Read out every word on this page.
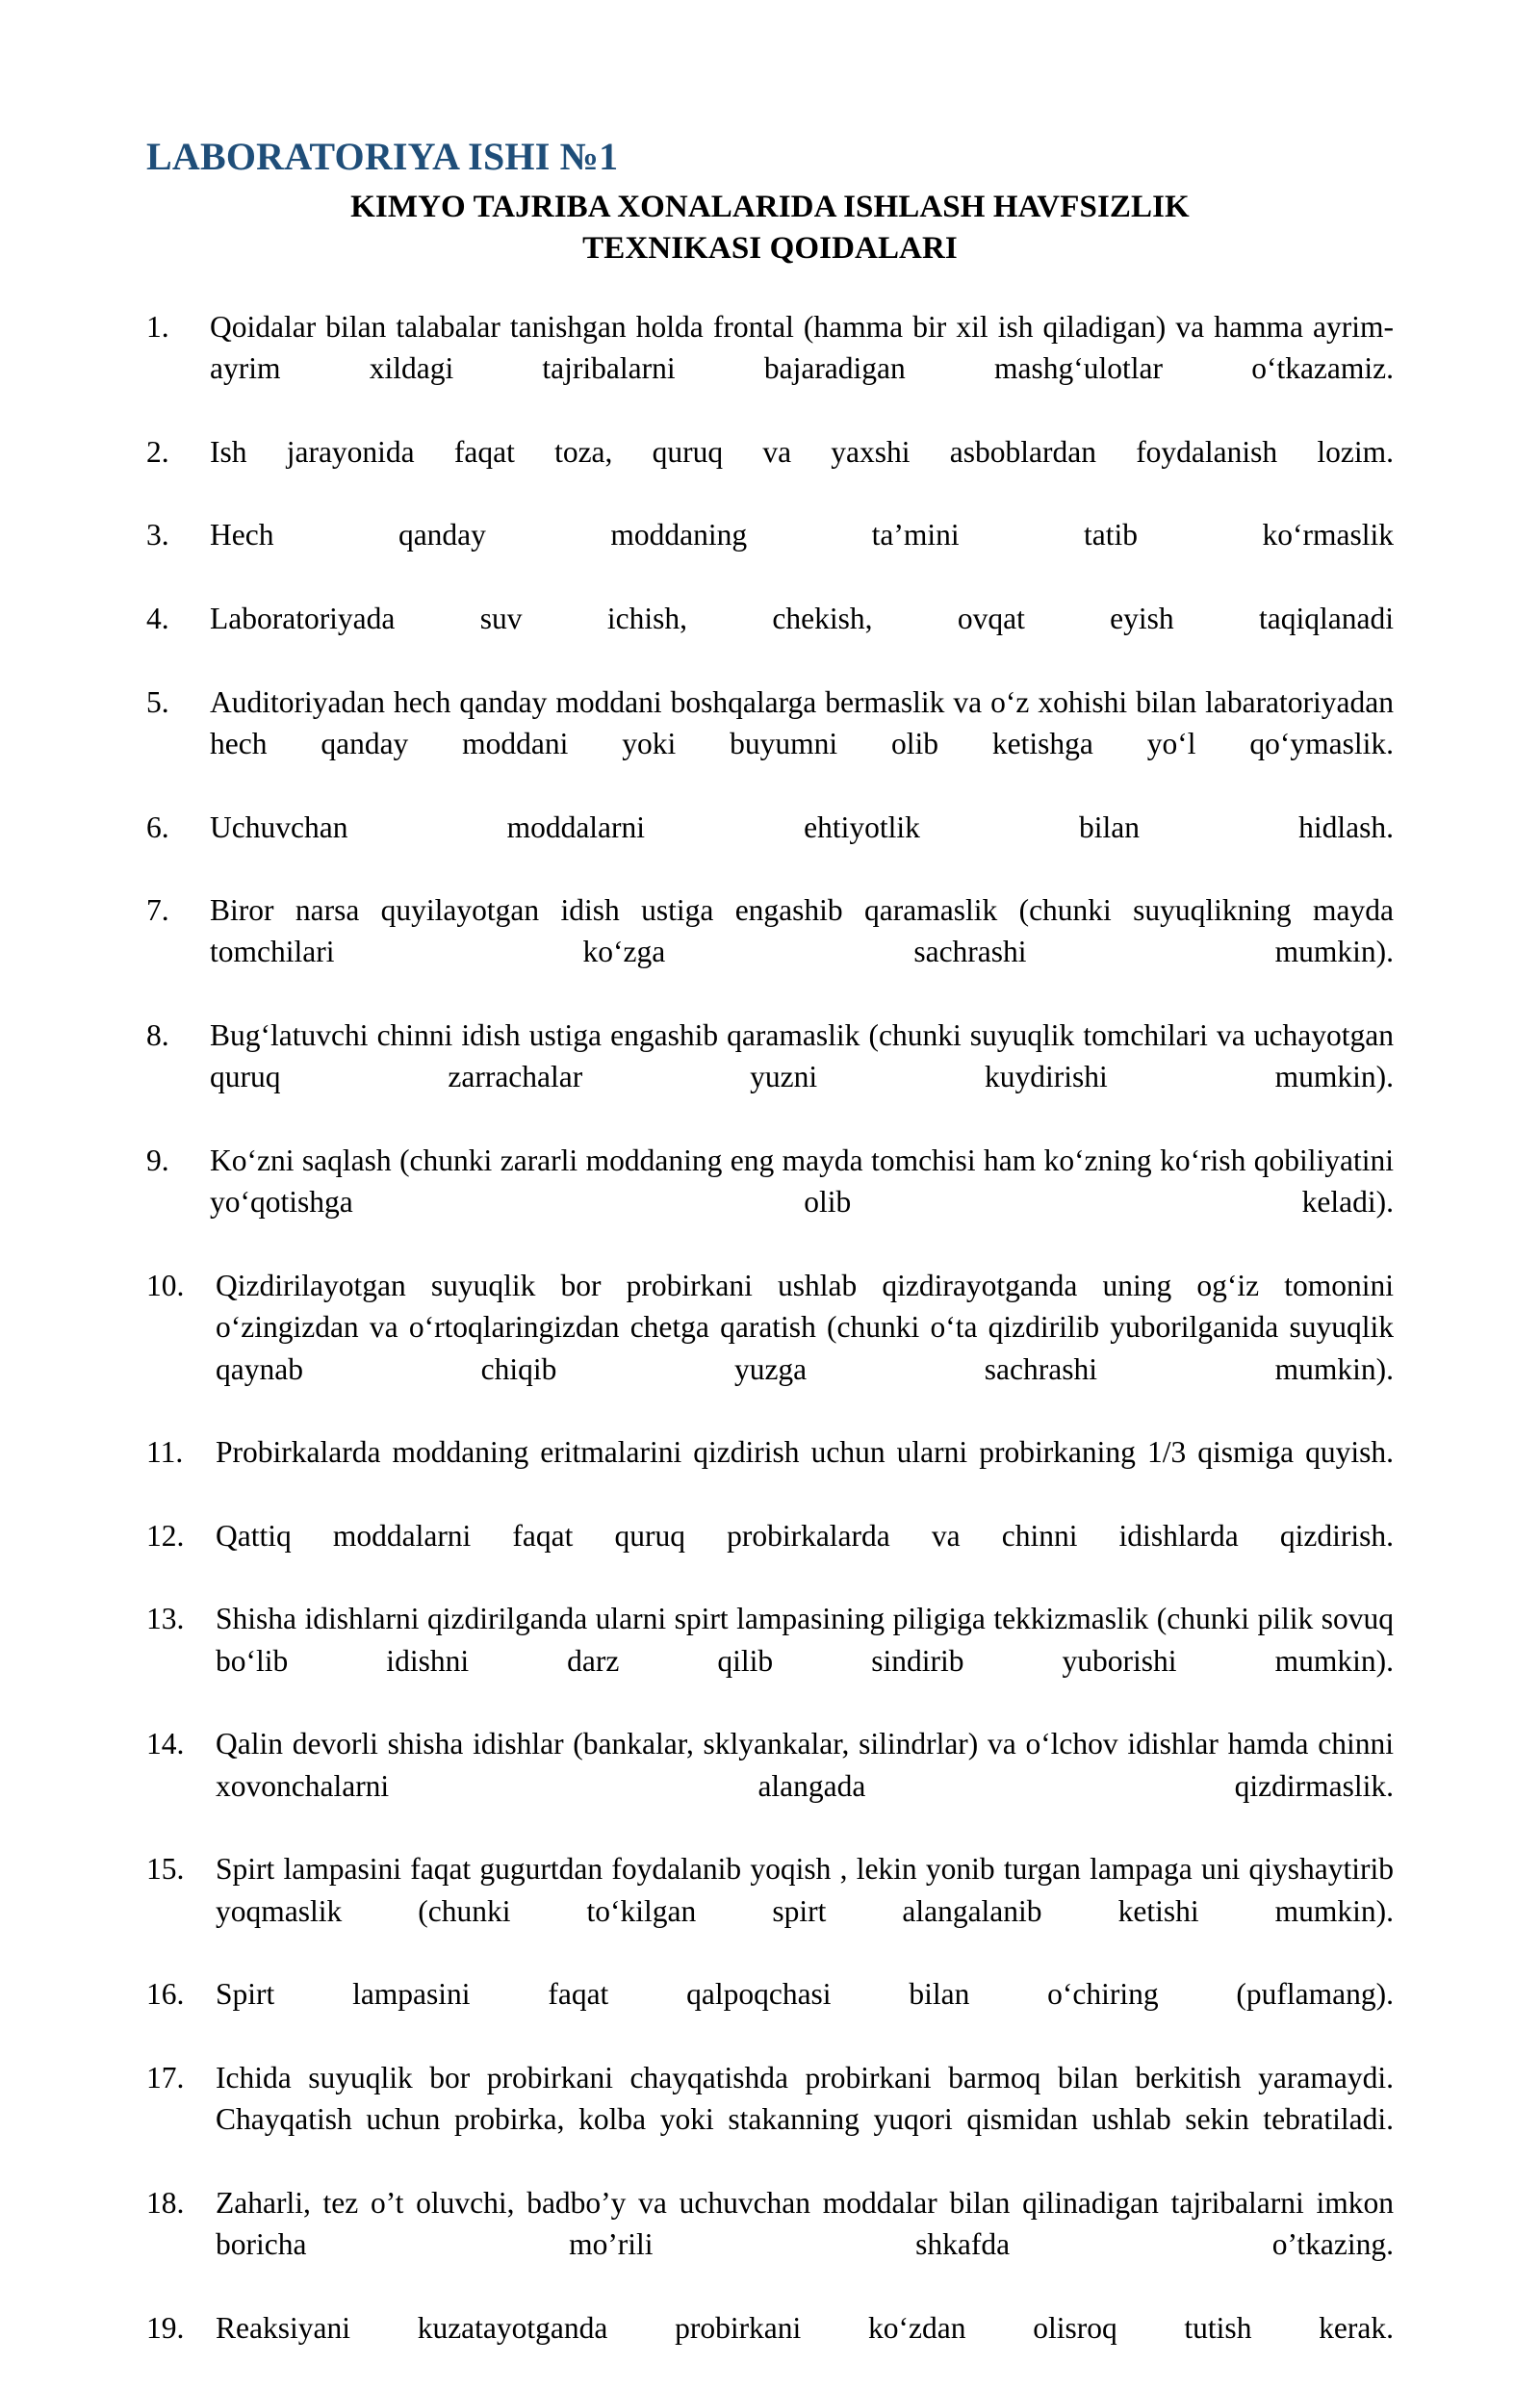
LABORATORIYA ISHI №1
KIMYO TAJRIBA XONALARIDA ISHLASH HAVFSIZLIK
TEXNIKASI QOIDALARI
1.	Qoidalar bilan talabalar tanishgan holda frontal (hamma bir xil ish qiladigan) va hamma ayrim-ayrim xildagi tajribalarni bajaradigan mashgʻulotlar oʻtkazamiz.
2.	Ish jarayonida faqat toza, quruq va yaxshi asboblardan foydalanish lozim.
3.	Hech qanday moddaning ta’mini tatib koʻrmaslik
4.	Laboratoriyada suv ichish, chekish, ovqat eyish taqiqlanadi
5.	Auditoriyadan hech qanday moddani boshqalarga bermaslik va oʻz xohishi bilan labaratoriyadan hech qanday moddani yoki buyumni olib ketishga yoʻl qoʻymaslik.
6.	Uchuvchan moddalarni ehtiyotlik bilan hidlash.
7.	Biror narsa quyilayotgan idish ustiga engashib qaramaslik (chunki suyuqlikning mayda tomchilari koʻzga sachrashi mumkin).
8.	Bugʻlatuvchi chinni idish ustiga engashib qaramaslik (chunki suyuqlik tomchilari va uchayotgan quruq zarrachalar yuzni kuydirishi mumkin).
9.	Koʻzni saqlash (chunki zararli moddaning eng mayda tomchisi ham koʻzning koʻrish qobiliyatini yoʻqotishga olib keladi).
10.	Qizdirilayotgan suyuqlik bor probirkani ushlab qizdirayotganda uning ogʻiz tomonini oʻzingizdan va oʻrtoqlaringizdan chetga qaratish (chunki oʻta qizdirilib yuborilganida suyuqlik qaynab chiqib yuzga sachrashi mumkin).
11.	Probirkalarda moddaning eritmalarini qizdirish uchun ularni probirkaning 1/3 qismiga quyish.
12.	Qattiq moddalarni faqat quruq probirkalarda va chinni idishlarda qizdirish.
13.	Shisha idishlarni qizdirilganda ularni spirt lampasining piligiga tekkizmaslik (chunki pilik sovuq boʻlib idishni darz qilib sindirib yuborishi mumkin).
14.	Qalin devorli shisha idishlar (bankalar, sklyankalar, silindrlar) va oʻlchov idishlar hamda chinni xovonchalarni alangada qizdirmaslik.
15.	Spirt lampasini faqat gugurtdan foydalanib yoqish , lekin yonib turgan lampaga uni qiyshaytirib yoqmaslik (chunki toʻkilgan spirt alangalanib ketishi mumkin).
16.	Spirt lampasini faqat qalpoqchasi bilan oʻchiring (puflamang).
17.	Ichida suyuqlik bor probirkani chayqatishda probirkani barmoq bilan berkitish yaramaydi. Chayqatish uchun probirka, kolba yoki stakanning yuqori qismidan ushlab sekin tebratiladi.
18.	Zaharli, tez o’t oluvchi, badbo’y va uchuvchan moddalar bilan qilinadigan tajribalarni imkon boricha mo’rili shkafda o’tkazing.
19.	Reaksiyani kuzatayotganda probirkani koʻzdan olisroq tutish kerak.
